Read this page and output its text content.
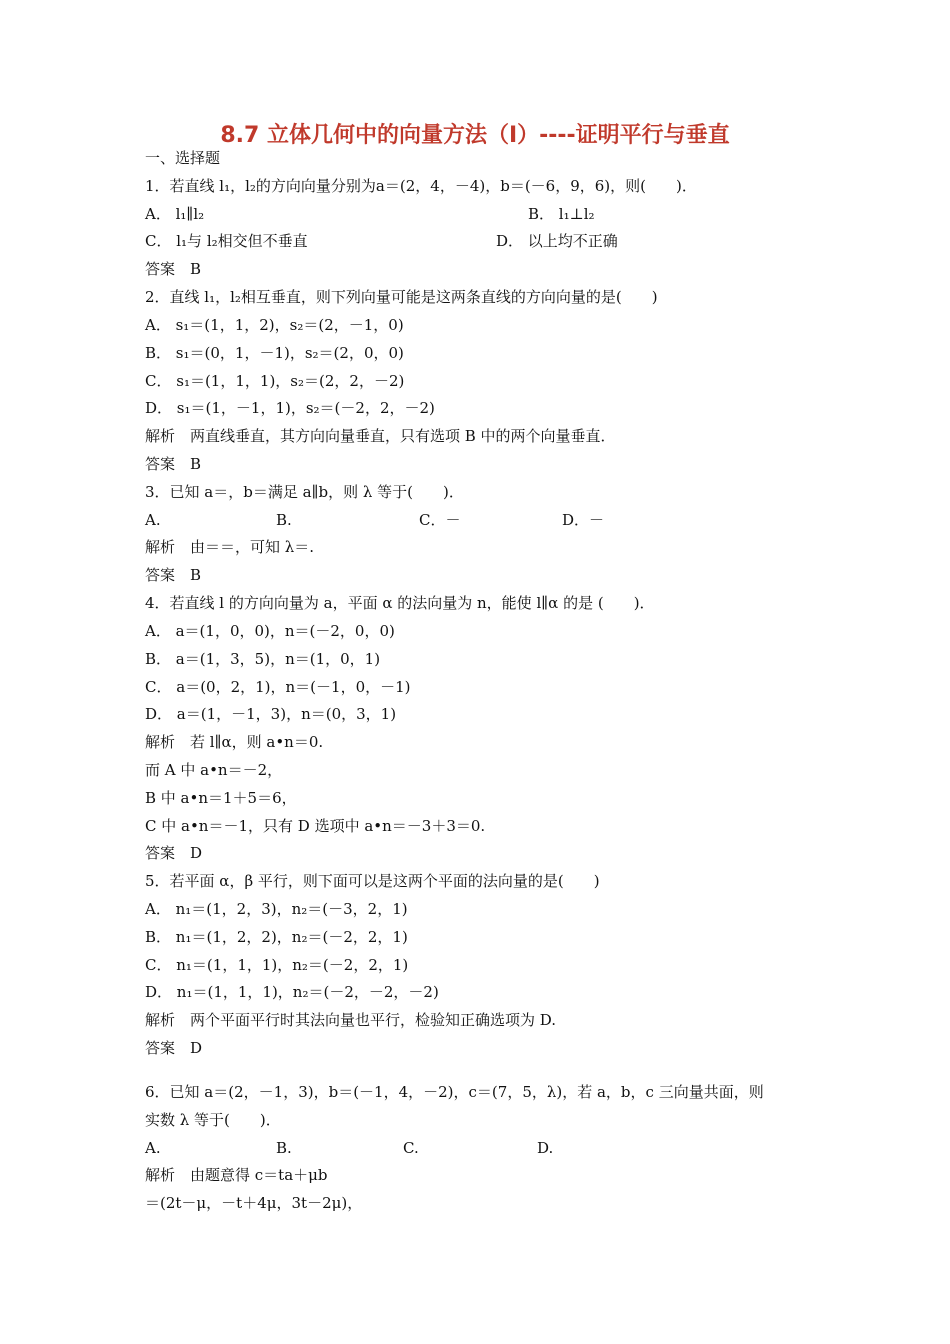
8.7 立体几何中的向量方法（Ⅰ）----证明平行与垂直
一、选择题
1．若直线 l₁，l₂的方向向量分别为a＝(2，4，－4)，b＝(－6，9，6)，则(　　)．
A． l₁∥l₂	B． l₁⊥l₂
C． l₁与 l₂相交但不垂直	D． 以上均不正确
答案　B
2．直线 l₁，l₂相互垂直，则下列向量可能是这两条直线的方向向量的是(　　)
A． s₁＝(1，1，2)，s₂＝(2，－1，0)
B． s₁＝(0，1，－1)，s₂＝(2，0，0)
C． s₁＝(1，1，1)，s₂＝(2，2，－2)
D． s₁＝(1，－1，1)，s₂＝(－2，2，－2)
解析　两直线垂直，其方向向量垂直，只有选项 B 中的两个向量垂直．
答案　B
3．已知 a＝，b＝满足 a∥b，则 λ 等于(　　)．
A.	B.	C．－	D．－
解析　由＝＝，可知 λ＝.
答案　B
4．若直线 l 的方向向量为 a，平面 α 的法向量为 n，能使 l∥α 的是 (　　)．
A． a＝(1，0，0)，n＝(－2，0，0)
B． a＝(1，3，5)，n＝(1，0，1)
C． a＝(0，2，1)，n＝(－1，0，－1)
D． a＝(1，－1，3)，n＝(0，3，1)
解析　若 l∥α，则 a•n＝0.
而 A 中 a•n＝－2，
B 中 a•n＝1＋5＝6，
C 中 a•n＝－1，只有 D 选项中 a•n＝－3＋3＝0.
答案　D
5．若平面 α，β 平行，则下面可以是这两个平面的法向量的是(　　)
A． n₁＝(1，2，3)，n₂＝(－3，2，1)
B． n₁＝(1，2，2)，n₂＝(－2，2，1)
C． n₁＝(1，1，1)，n₂＝(－2，2，1)
D． n₁＝(1，1，1)，n₂＝(－2，－2，－2)
解析　两个平面平行时其法向量也平行，检验知正确选项为 D.
答案　D
6．已知 a＝(2，－1，3)，b＝(－1，4，－2)，c＝(7，5，λ)，若 a，b，c 三向量共面，则
实数 λ 等于(　　)．
A.	B.	C.	D.
解析　由题意得 c＝ta＋μb
＝(2t－μ，－t＋4μ，3t－2μ)，
